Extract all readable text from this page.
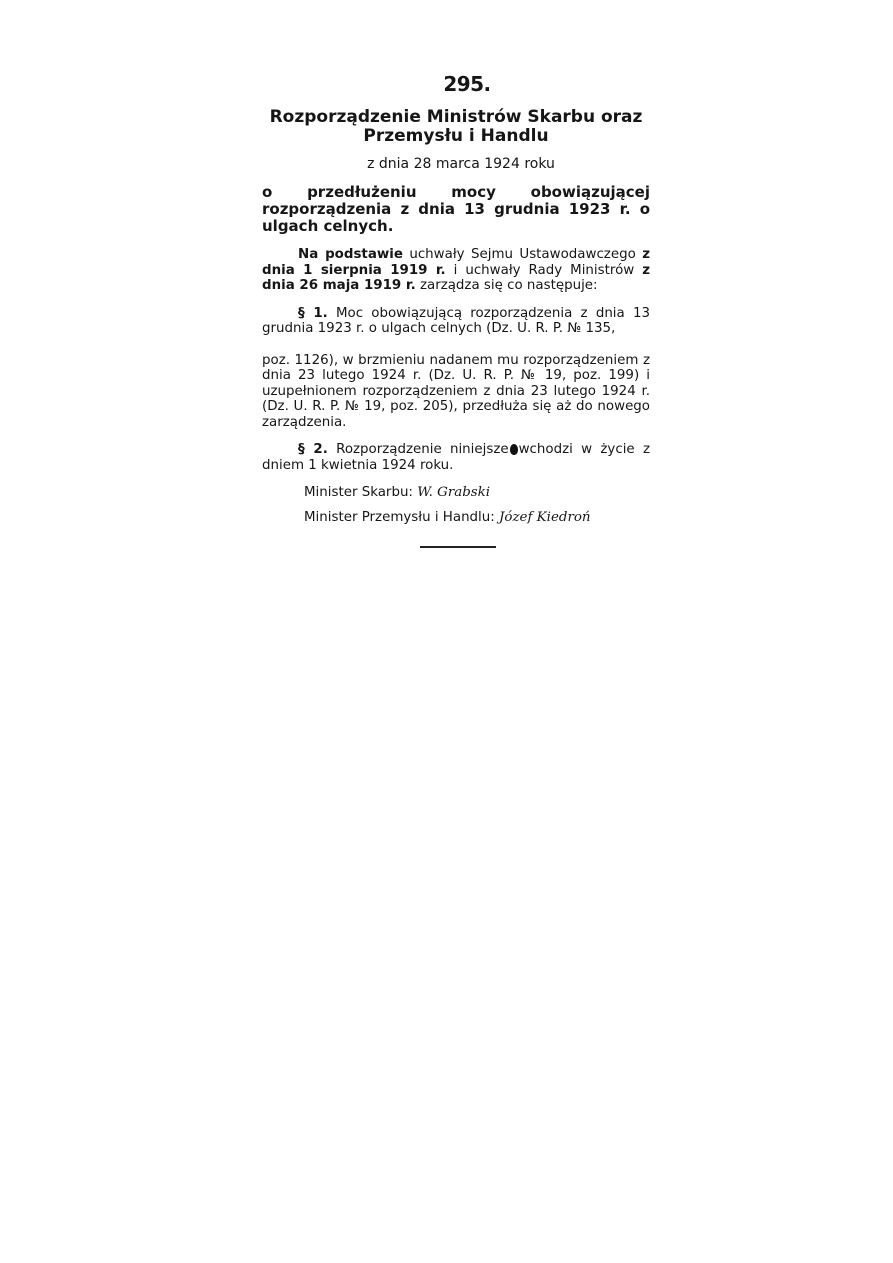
295.
Rozporządzenie Ministrów Skarbu oraz
Przemysłu i Handlu
z dnia 28 marca 1924 roku

o przedłużeniu mocy obowiązującej rozporządzenia z dnia 13 grudnia 1923 r. o ulgach celnych.

Na podstawie uchwały Sejmu Ustawodawczego z dnia 1 sierpnia 1919 r. i uchwały Rady Ministrów z dnia 26 maja 1919 r. zarządza się co następuje:

§ 1. Moc obowiązującą rozporządzenia z dnia 13 grudnia 1923 r. o ulgach celnych (Dz. U. R. P. № 135,

poz. 1126), w brzmieniu nadanem mu rozporządzeniem z dnia 23 lutego 1924 r. (Dz. U. R. P. № 19, poz. 199) i uzupełnionem rozporządzeniem z dnia 23 lutego 1924 r. (Dz. U. R. P. № 19, poz. 205), przedłuża się aż do nowego zarządzenia.

§ 2. Rozporządzenie niniejsze wchodzi w życie z dniem 1 kwietnia 1924 roku.

Minister Skarbu: W. Grabski
Minister Przemysłu i Handlu: Józef Kiedroń
